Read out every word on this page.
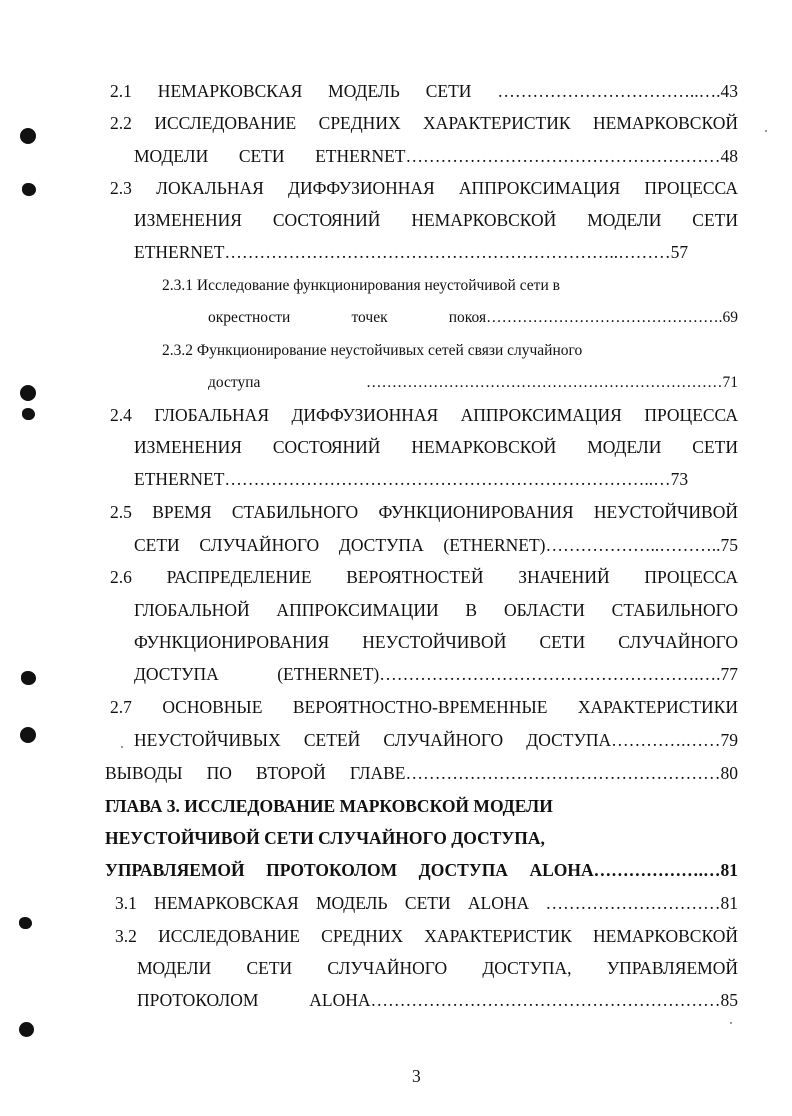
2.1 НЕМАРКОВСКАЯ МОДЕЛЬ СЕТИ ……………………………..….43
2.2 ИССЛЕДОВАНИЕ СРЕДНИХ ХАРАКТЕРИСТИК НЕМАРКОВСКОЙ
МОДЕЛИ СЕТИ ETHERNET………………………………………………48
2.3 ЛОКАЛЬНАЯ ДИФФУЗИОННАЯ АППРОКСИМАЦИЯ ПРОЦЕССА
ИЗМЕНЕНИЯ СОСТОЯНИЙ НЕМАРКОВСКОЙ МОДЕЛИ СЕТИ
ETHERNET…………………………………………………………..………57
2.3.1 Исследование функционирования неустойчивой сети в
окрестности точек покоя……………………………………….69
2.3.2 Функционирование неустойчивых сетей связи случайного
доступа ……………………………………………………………71
2.4 ГЛОБАЛЬНАЯ ДИФФУЗИОННАЯ АППРОКСИМАЦИЯ ПРОЦЕССА
ИЗМЕНЕНИЯ СОСТОЯНИЙ НЕМАРКОВСКОЙ МОДЕЛИ СЕТИ
ETHERNET………………………………………………………………..…73
2.5 ВРЕМЯ СТАБИЛЬНОГО ФУНКЦИОНИРОВАНИЯ НЕУСТОЙЧИВОЙ
СЕТИ СЛУЧАЙНОГО ДОСТУПА (ETHERNET)………………..………..75
2.6 РАСПРЕДЕЛЕНИЕ ВЕРОЯТНОСТЕЙ ЗНАЧЕНИЙ ПРОЦЕССА
ГЛОБАЛЬНОЙ АППРОКСИМАЦИИ В ОБЛАСТИ СТАБИЛЬНОГО
ФУНКЦИОНИРОВАНИЯ НЕУСТОЙЧИВОЙ СЕТИ СЛУЧАЙНОГО
ДОСТУПА (ETHERNET)……………………………………………….….77
2.7 ОСНОВНЫЕ ВЕРОЯТНОСТНО-ВРЕМЕННЫЕ ХАРАКТЕРИСТИКИ
НЕУСТОЙЧИВЫХ СЕТЕЙ СЛУЧАЙНОГО ДОСТУПА………….……79
ВЫВОДЫ ПО ВТОРОЙ ГЛАВЕ………………………………………………80
ГЛАВА 3. ИССЛЕДОВАНИЕ МАРКОВСКОЙ МОДЕЛИ
НЕУСТОЙЧИВОЙ СЕТИ СЛУЧАЙНОГО ДОСТУПА,
УПРАВЛЯЕМОЙ ПРОТОКОЛОМ ДОСТУПА ALOHA……………….…81
3.1 НЕМАРКОВСКАЯ МОДЕЛЬ СЕТИ ALOHA …………………………81
3.2 ИССЛЕДОВАНИЕ СРЕДНИХ ХАРАКТЕРИСТИК НЕМАРКОВСКОЙ
МОДЕЛИ СЕТИ СЛУЧАЙНОГО ДОСТУПА, УПРАВЛЯЕМОЙ
ПРОТОКОЛОМ ALOHA……………………………………………………85
3
